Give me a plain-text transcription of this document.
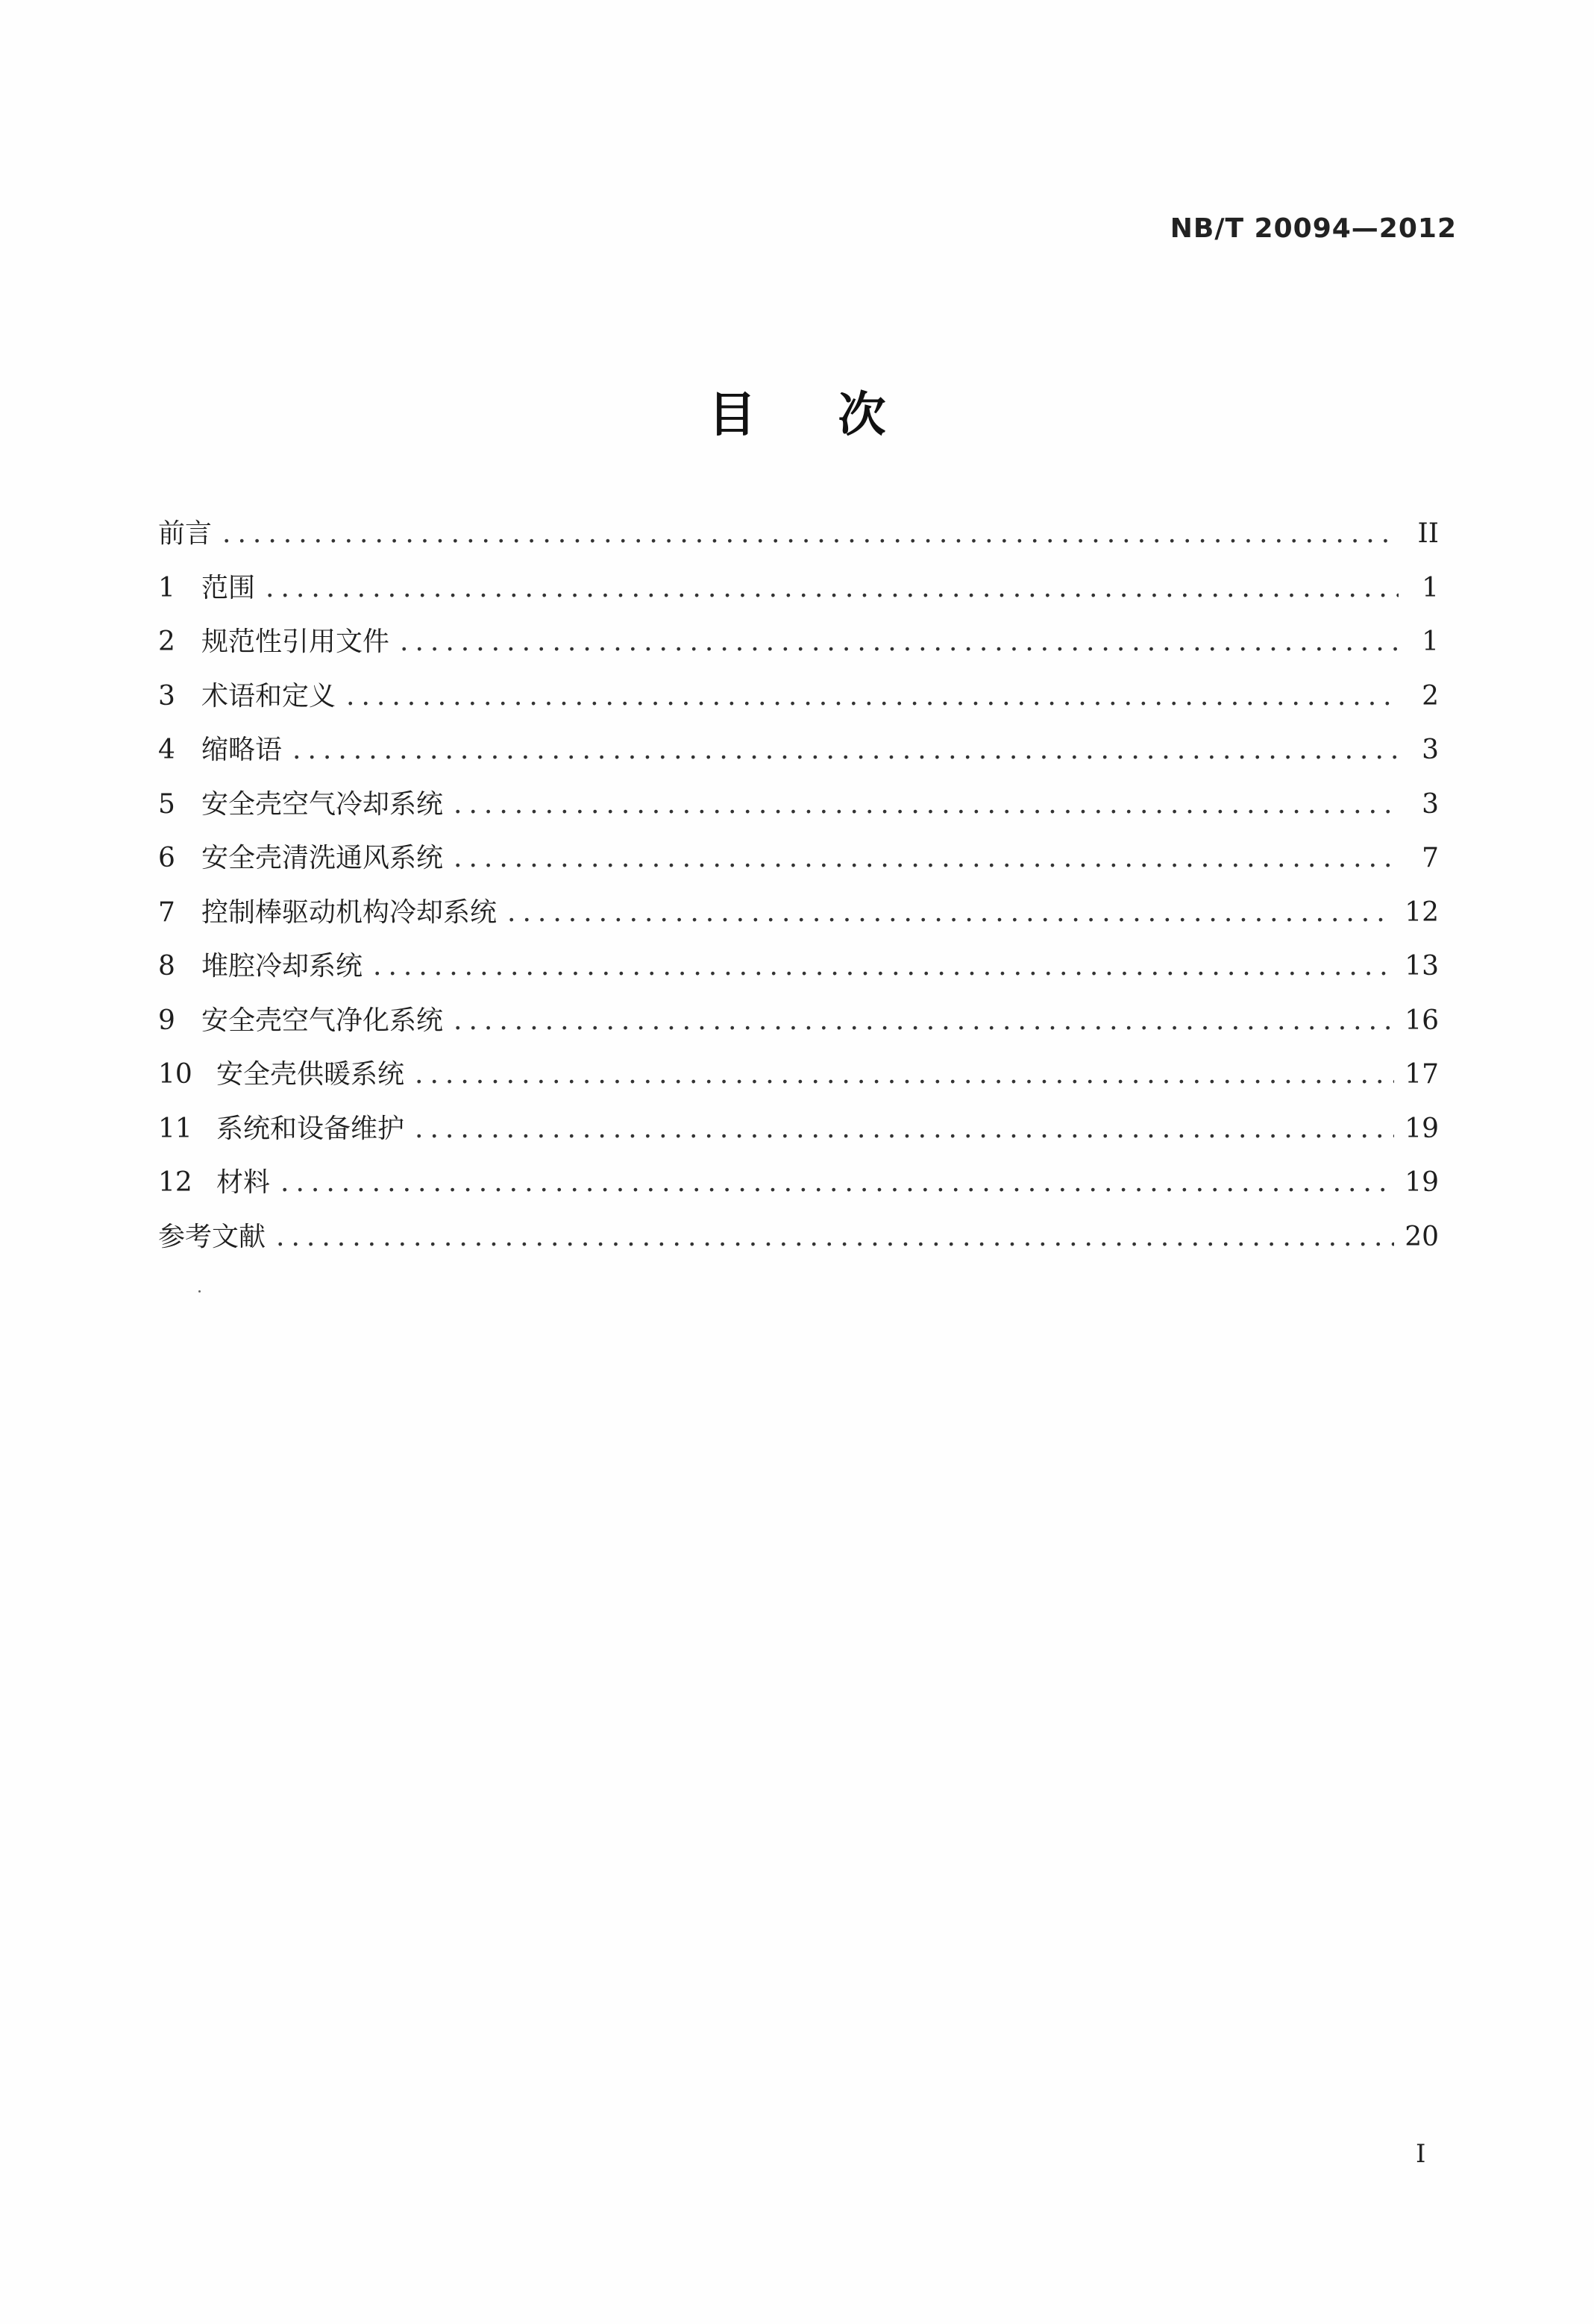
NB/T 20094—2012
目次
前言 .....	II
1 范围 .....	1
2 规范性引用文件 .....	1
3 术语和定义 .....	2
4 缩略语 .....	3
5 安全壳空气冷却系统 .....	3
6 安全壳清洗通风系统 .....	7
7 控制棒驱动机构冷却系统 .....	12
8 堆腔冷却系统 .....	13
9 安全壳空气净化系统 .....	16
10 安全壳供暖系统 .....	17
11 系统和设备维护 .....	19
12 材料 .....	19
参考文献 .....	20
I
